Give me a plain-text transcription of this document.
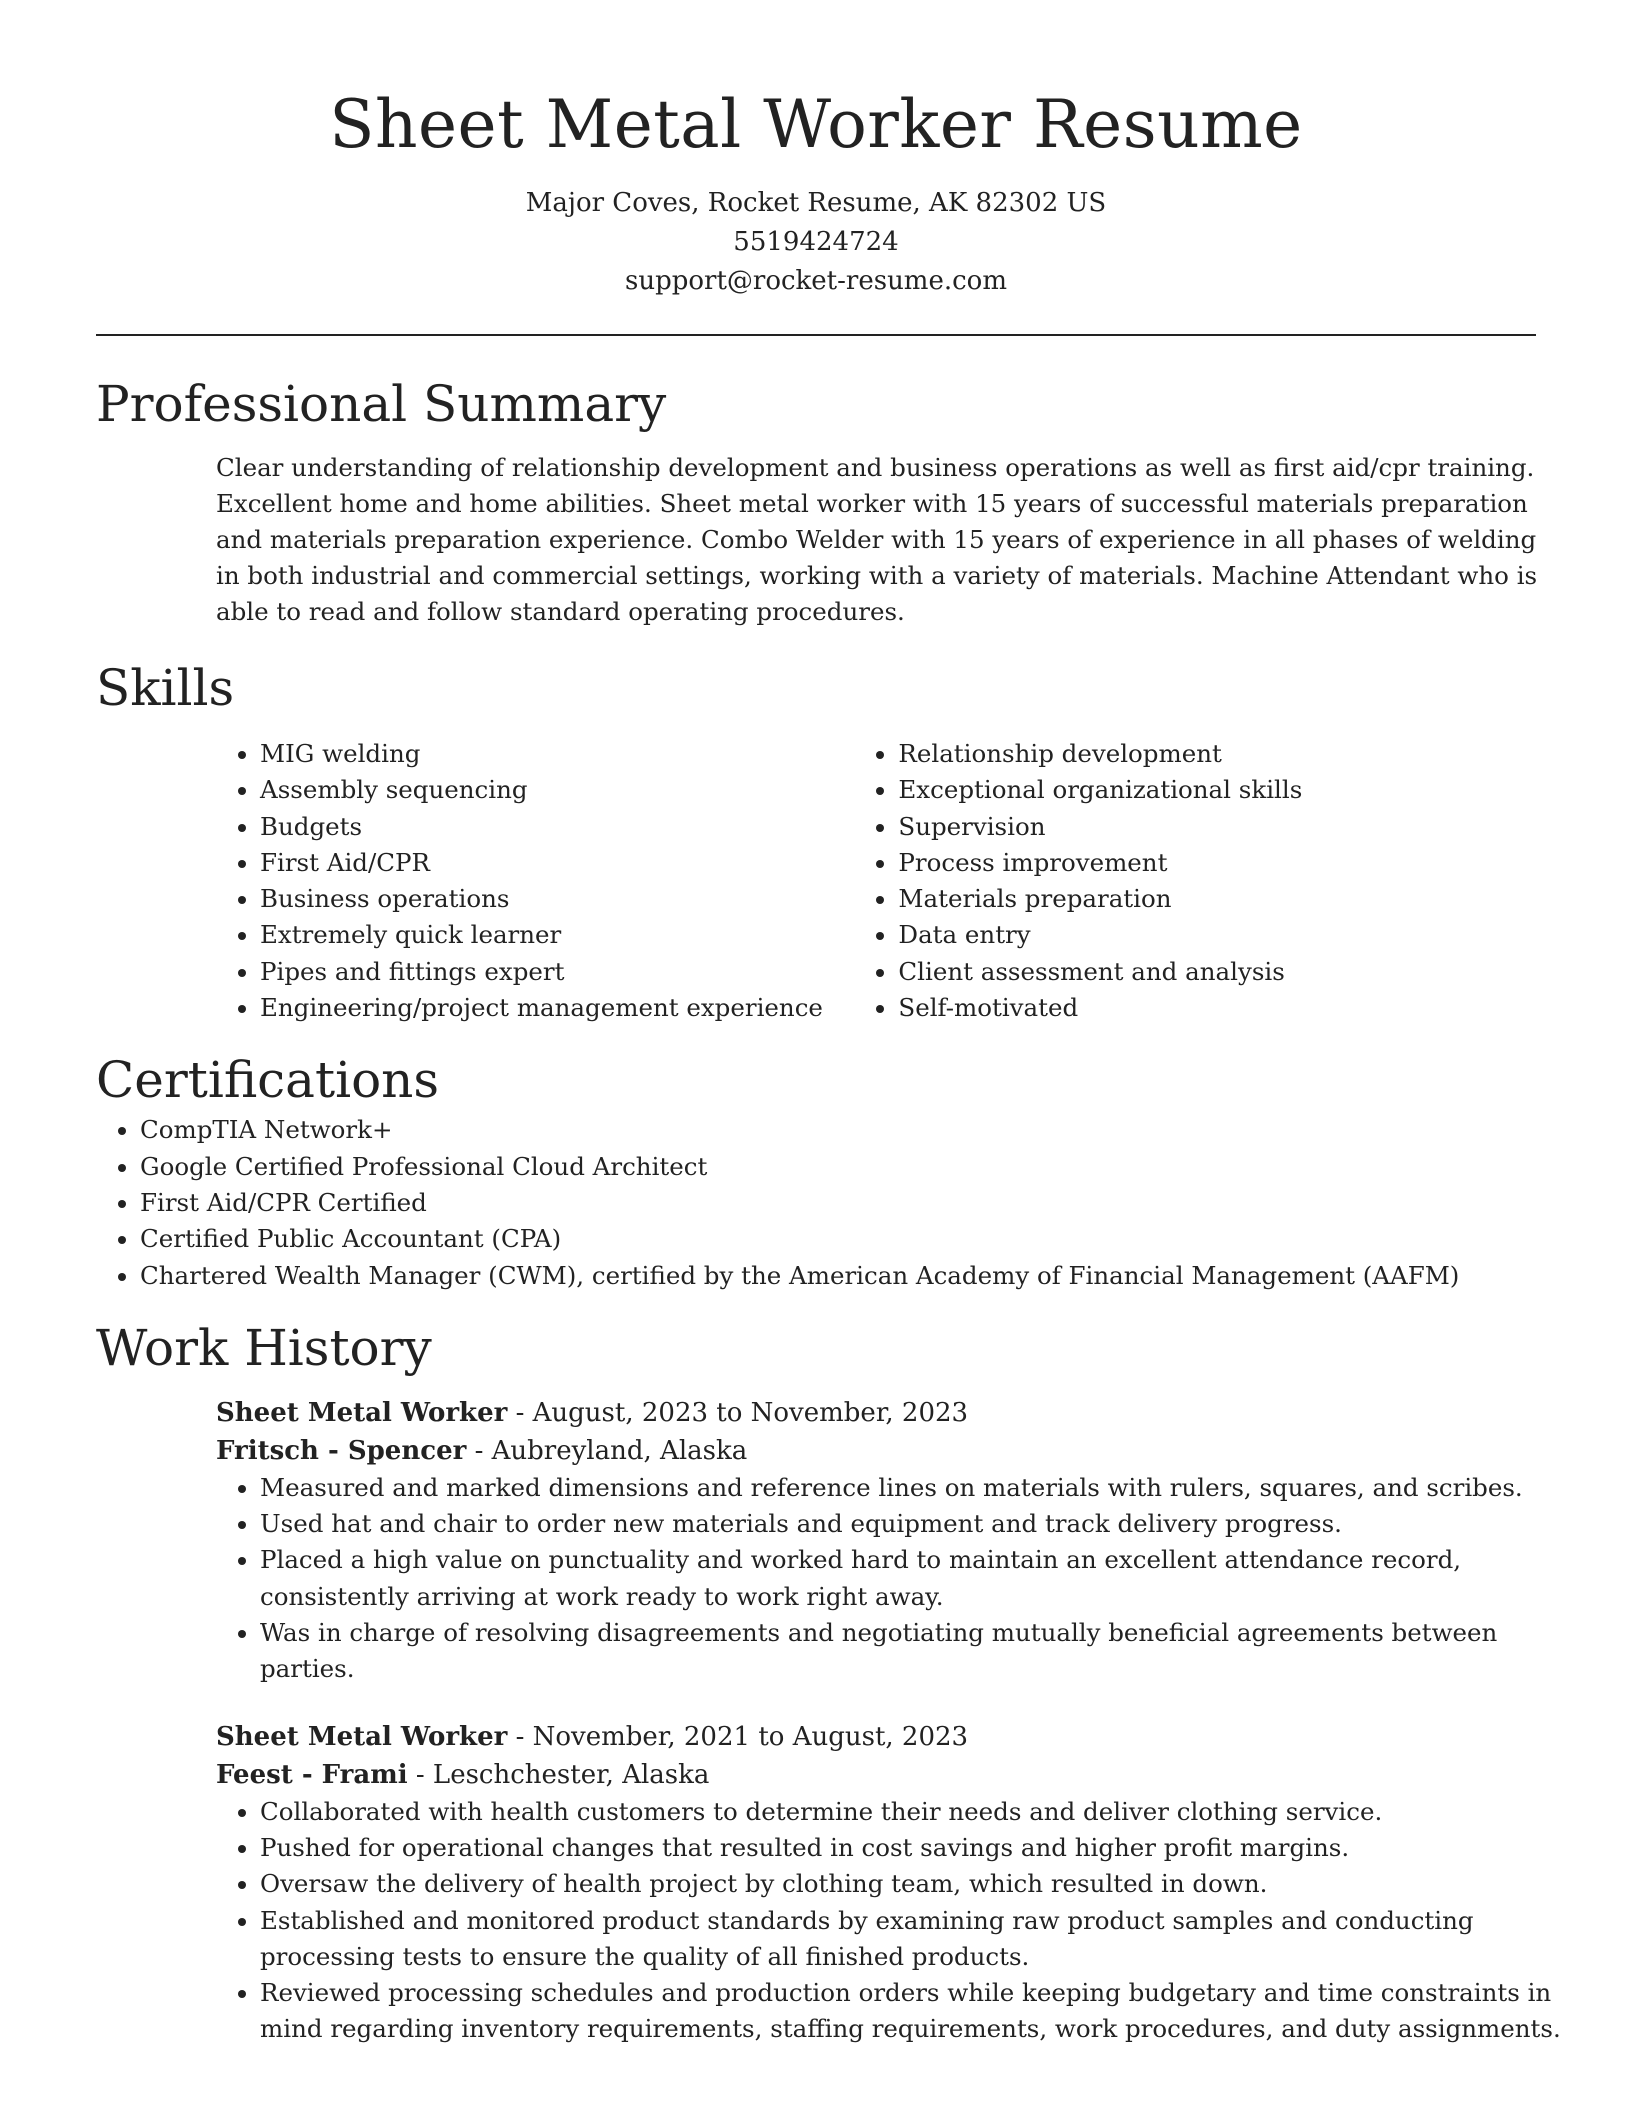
Sheet Metal Worker Resume
Major Coves, Rocket Resume, AK 82302 US
5519424724
support@rocket-resume.com
Professional Summary

Clear understanding of relationship development and business operations as well as first aid/cpr training. Excellent home and home abilities. Sheet metal worker with 15 years of successful materials preparation and materials preparation experience. Combo Welder with 15 years of experience in all phases of welding in both industrial and commercial settings, working with a variety of materials. Machine Attendant who is able to read and follow standard operating procedures.

Skills
• MIG welding
• Assembly sequencing
• Budgets
• First Aid/CPR
• Business operations
• Extremely quick learner
• Pipes and fittings expert
• Engineering/project management experience
• Relationship development
• Exceptional organizational skills
• Supervision
• Process improvement
• Materials preparation
• Data entry
• Client assessment and analysis
• Self-motivated
Certifications
• CompTIA Network+
• Google Certified Professional Cloud Architect
• First Aid/CPR Certified
• Certified Public Accountant (CPA)
• Chartered Wealth Manager (CWM), certified by the American Academy of Financial Management (AAFM)
Work History
Sheet Metal Worker - August, 2023 to November, 2023
Fritsch - Spencer - Aubreyland, Alaska
• Measured and marked dimensions and reference lines on materials with rulers, squares, and scribes.
• Used hat and chair to order new materials and equipment and track delivery progress.
• Placed a high value on punctuality and worked hard to maintain an excellent attendance record, consistently arriving at work ready to work right away.
• Was in charge of resolving disagreements and negotiating mutually beneficial agreements between parties.
Sheet Metal Worker - November, 2021 to August, 2023
Feest - Frami - Leschchester, Alaska
• Collaborated with health customers to determine their needs and deliver clothing service.
• Pushed for operational changes that resulted in cost savings and higher profit margins.
• Oversaw the delivery of health project by clothing team, which resulted in down.
• Established and monitored product standards by examining raw product samples and conducting processing tests to ensure the quality of all finished products.
• Reviewed processing schedules and production orders while keeping budgetary and time constraints in mind regarding inventory requirements, staffing requirements, work procedures, and duty assignments.
